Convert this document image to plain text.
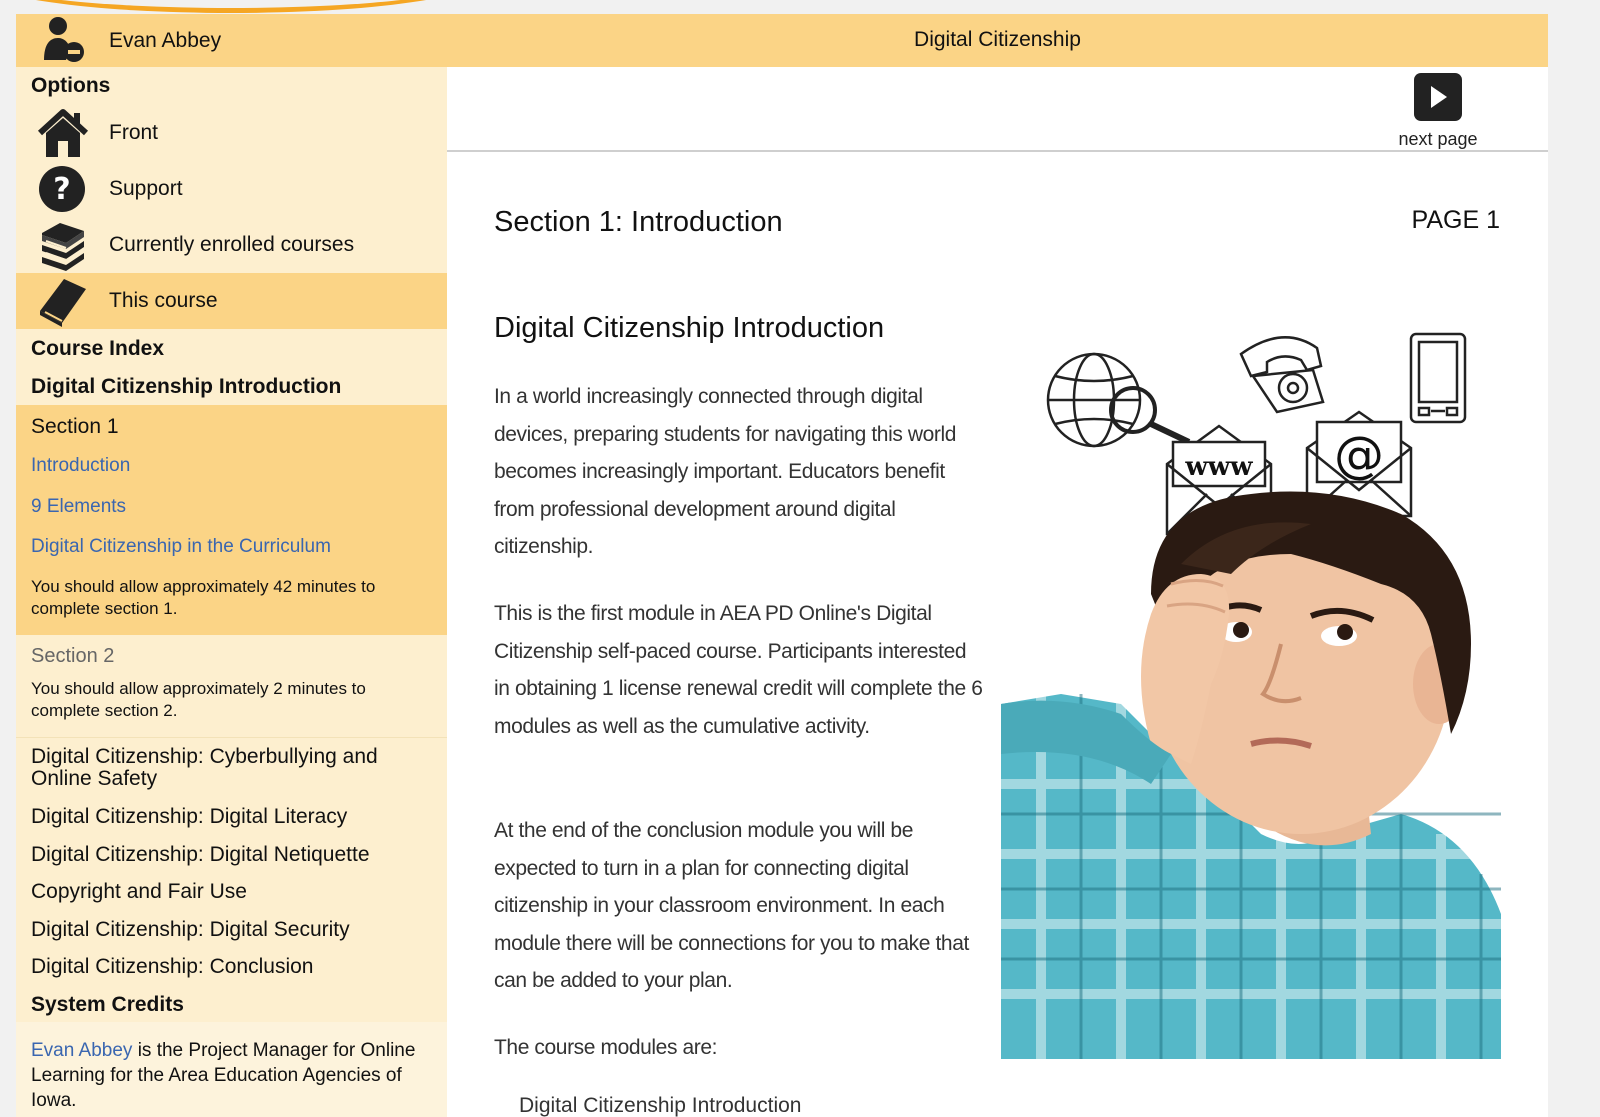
Evan Abbey
Options
Front
? Support
Currently enrolled courses
This course
Course Index
Digital Citizenship Introduction
Section 1
Introduction
9 Elements
Digital Citizenship in the Curriculum
You should allow approximately 42 minutes to complete section 1.
Section 2
You should allow approximately 2 minutes to complete section 2.
Digital Citizenship: Cyberbullying and Online Safety
Digital Citizenship: Digital Literacy
Digital Citizenship: Digital Netiquette
Copyright and Fair Use
Digital Citizenship: Digital Security
Digital Citizenship: Conclusion
System Credits
Evan Abbey is the Project Manager for Online Learning for the Area Education Agencies of Iowa.
Digital Citizenship
next page
Section 1: Introduction	PAGE 1
Digital Citizenship Introduction
In a world increasingly connected through digital devices, preparing students for navigating this world becomes increasingly important. Educators benefit from professional development around digital citizenship.
This is the first module in AEA PD Online's Digital Citizenship self-paced course. Participants interested in obtaining 1 license renewal credit will complete the 6 modules as well as the cumulative activity.
At the end of the conclusion module you will be expected to turn in a plan for connecting digital citizenship in your classroom environment. In each module there will be connections for you to make that can be added to your plan.
The course modules are:
Digital Citizenship Introduction
www @
